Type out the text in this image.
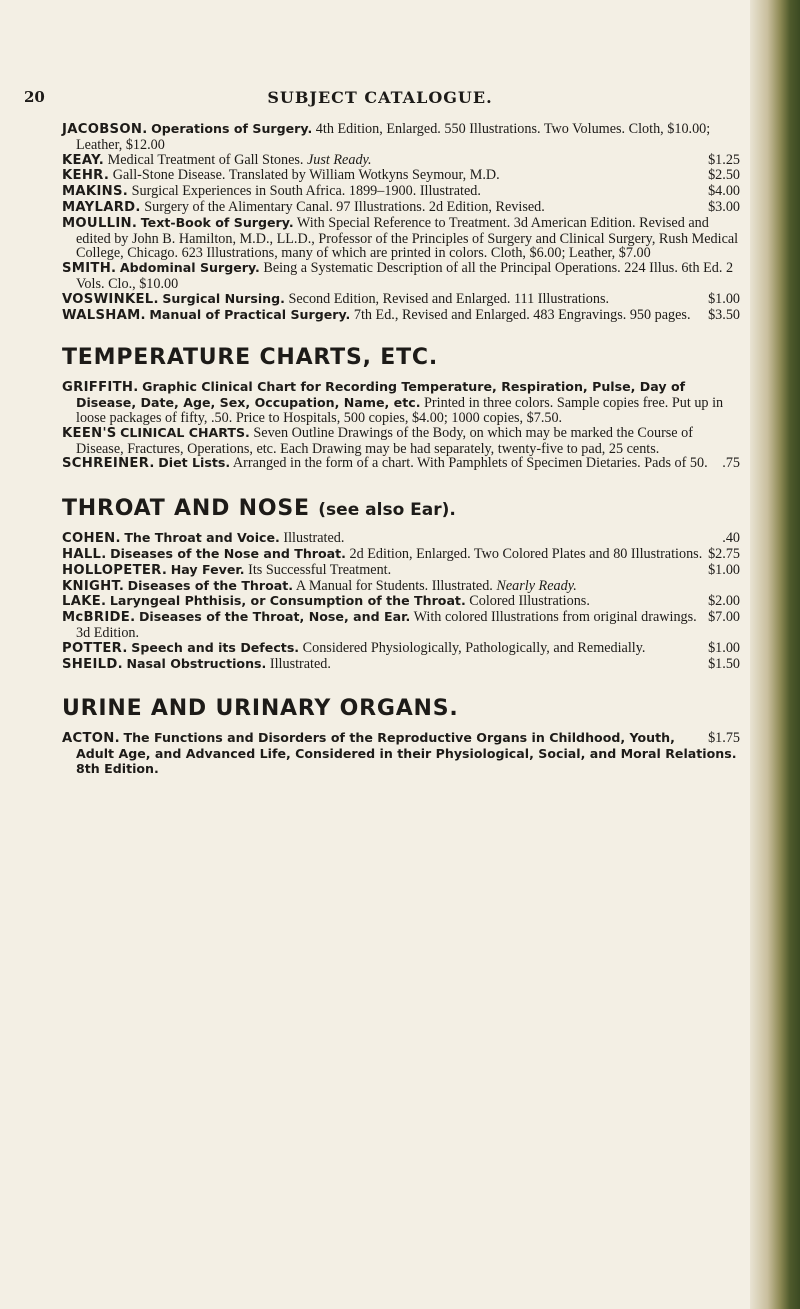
20	SUBJECT CATALOGUE.
JACOBSON. Operations of Surgery. 4th Edition, Enlarged. 550 Illustrations. Two Volumes. Cloth, $10.00; Leather, $12.00
$1.25
KEAY. Medical Treatment of Gall Stones. Just Ready.
$2.50
KEHR. Gall-Stone Disease. Translated by William Wotkyns Seymour, M.D.
$4.00
MAKINS. Surgical Experiences in South Africa. 1899–1900. Illustrated.
$3.00
MAYLARD. Surgery of the Alimentary Canal. 97 Illustrations. 2d Edition, Revised.
MOULLIN. Text-Book of Surgery. With Special Reference to Treatment. 3d American Edition. Revised and edited by John B. Hamilton, M.D., LL.D., Professor of the Principles of Surgery and Clinical Surgery, Rush Medical College, Chicago. 623 Illustrations, many of which are printed in colors. Cloth, $6.00; Leather, $7.00
SMITH. Abdominal Surgery. Being a Systematic Description of all the Principal Operations. 224 Illus. 6th Ed. 2 Vols. Clo., $10.00
$1.00
VOSWINKEL. Surgical Nursing. Second Edition, Revised and Enlarged. 111 Illustrations.
$3.50
WALSHAM. Manual of Practical Surgery. 7th Ed., Revised and Enlarged. 483 Engravings. 950 pages.
TEMPERATURE CHARTS, ETC.
GRIFFITH. Graphic Clinical Chart for Recording Temperature, Respiration, Pulse, Day of Disease, Date, Age, Sex, Occupation, Name, etc. Printed in three colors. Sample copies free. Put up in loose packages of fifty, .50. Price to Hospitals, 500 copies, $4.00; 1000 copies, $7.50.
KEEN'S CLINICAL CHARTS. Seven Outline Drawings of the Body, on which may be marked the Course of Disease, Fractures, Operations, etc. Each Drawing may be had separately, twenty-five to pad, 25 cents.
.75
SCHREINER. Diet Lists. Arranged in the form of a chart. With Pamphlets of Specimen Dietaries. Pads of 50.
THROAT AND NOSE (see also Ear).
.40
COHEN. The Throat and Voice. Illustrated.
$2.75
HALL. Diseases of the Nose and Throat. 2d Edition, Enlarged. Two Colored Plates and 80 Illustrations.
$1.00
HOLLOPETER. Hay Fever. Its Successful Treatment.
KNIGHT. Diseases of the Throat. A Manual for Students. Illustrated. Nearly Ready.
$2.00
LAKE. Laryngeal Phthisis, or Consumption of the Throat. Colored Illustrations.
$7.00
McBRIDE. Diseases of the Throat, Nose, and Ear. With colored Illustrations from original drawings. 3d Edition.
$1.00
POTTER. Speech and its Defects. Considered Physiologically, Pathologically, and Remedially.
$1.50
SHEILD. Nasal Obstructions. Illustrated.
URINE AND URINARY ORGANS.
$1.75
ACTON. The Functions and Disorders of the Reproductive Organs in Childhood, Youth, Adult Age, and Advanced Life, Considered in their Physiological, Social, and Moral Relations. 8th Edition.
